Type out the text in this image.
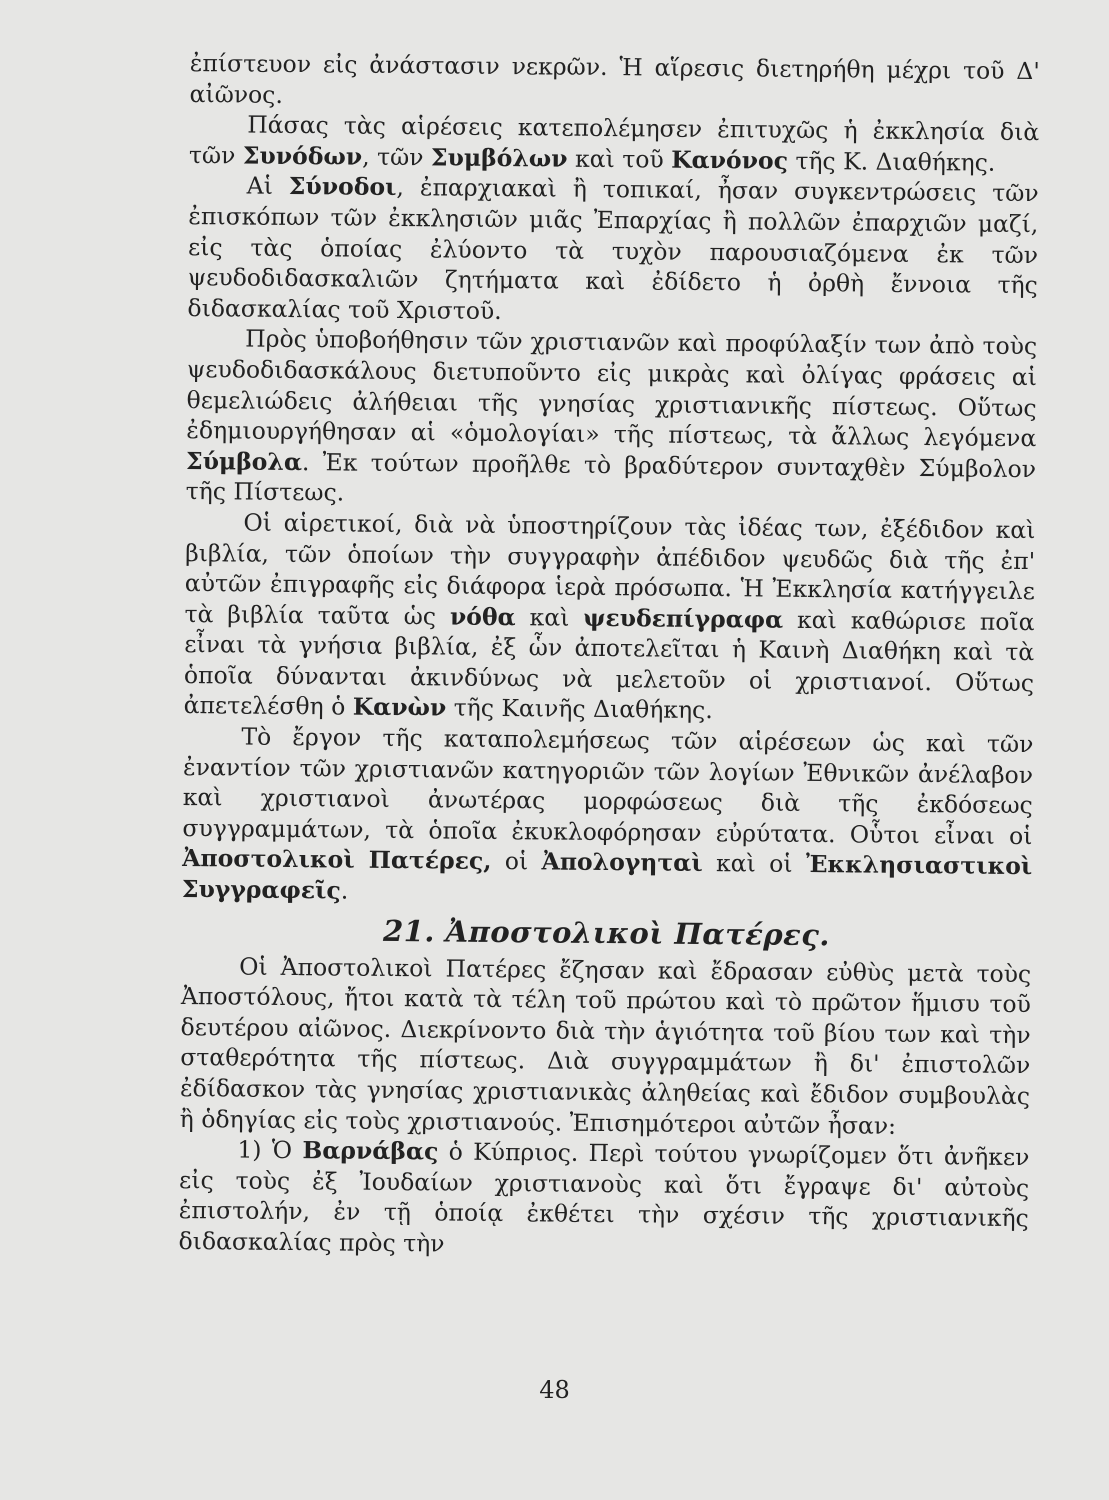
ἐπίστευον εἰς ἀνάστασιν νεκρῶν. Ἡ αἵρεσις διετηρήθη μέχρι τοῦ Δ' αἰῶνος.

Πάσας τὰς αἱρέσεις κατεπολέμησεν ἐπιτυχῶς ἡ ἐκκλησία διὰ τῶν Συνόδων, τῶν Συμβόλων καὶ τοῦ Κανόνος τῆς Κ. Διαθήκης.

Αἱ Σύνοδοι, ἐπαρχιακαὶ ἢ τοπικαί, ἦσαν συγκεντρώσεις τῶν ἐπισκόπων τῶν ἐκκλησιῶν μιᾶς Ἐπαρχίας ἢ πολλῶν ἐπαρχιῶν μαζί, εἰς τὰς ὁποίας ἐλύοντο τὰ τυχὸν παρουσιαζόμενα ἐκ τῶν ψευδοδιδασκαλιῶν ζητήματα καὶ ἐδίδετο ἡ ὀρθὴ ἔννοια τῆς διδασκαλίας τοῦ Χριστοῦ.

Πρὸς ὑποβοήθησιν τῶν χριστιανῶν καὶ προφύλαξίν των ἀπὸ τοὺς ψευδοδιδασκάλους διετυποῦντο εἰς μικρὰς καὶ ὀλίγας φράσεις αἱ θεμελιώδεις ἀλήθειαι τῆς γνησίας χριστιανικῆς πίστεως. Οὕτως ἐδημιουργήθησαν αἱ «ὁμολογίαι» τῆς πίστεως, τὰ ἄλλως λεγόμενα Σύμβολα. Ἐκ τούτων προῆλθε τὸ βραδύτερον συνταχθὲν Σύμβολον τῆς Πίστεως.

Οἱ αἱρετικοί, διὰ νὰ ὑποστηρίζουν τὰς ἰδέας των, ἐξέδιδον καὶ βιβλία, τῶν ὁποίων τὴν συγγραφὴν ἀπέδιδον ψευδῶς διὰ τῆς ἐπ' αὐτῶν ἐπιγραφῆς εἰς διάφορα ἱερὰ πρόσωπα. Ἡ Ἐκκλησία κατήγγειλε τὰ βιβλία ταῦτα ὡς νόθα καὶ ψευδεπίγραφα καὶ καθώρισε ποῖα εἶναι τὰ γνήσια βιβλία, ἐξ ὧν ἀποτελεῖται ἡ Καινὴ Διαθήκη καὶ τὰ ὁποῖα δύνανται ἀκινδύνως νὰ μελετοῦν οἱ χριστιανοί. Οὕτως ἀπετελέσθη ὁ Κανὼν τῆς Καινῆς Διαθήκης.

Τὸ ἔργον τῆς καταπολεμήσεως τῶν αἱρέσεων ὡς καὶ τῶν ἐναντίον τῶν χριστιανῶν κατηγοριῶν τῶν λογίων Ἐθνικῶν ἀνέλαβον καὶ χριστιανοὶ ἀνωτέρας μορφώσεως διὰ τῆς ἐκδόσεως συγγραμμάτων, τὰ ὁποῖα ἐκυκλοφόρησαν εὐρύτατα. Οὗτοι εἶναι οἱ Ἀποστολικοὶ Πατέρες, οἱ Ἀπολογηταὶ καὶ οἱ Ἐκκλησιαστικοὶ Συγγραφεῖς.

21. Ἀποστολικοὶ Πατέρες.

Οἱ Ἀποστολικοὶ Πατέρες ἔζησαν καὶ ἔδρασαν εὐθὺς μετὰ τοὺς Ἀποστόλους, ἤτοι κατὰ τὰ τέλη τοῦ πρώτου καὶ τὸ πρῶτον ἥμισυ τοῦ δευτέρου αἰῶνος. Διεκρίνοντο διὰ τὴν ἁγιότητα τοῦ βίου των καὶ τὴν σταθερότητα τῆς πίστεως. Διὰ συγγραμμάτων ἢ δι' ἐπιστολῶν ἐδίδασκον τὰς γνησίας χριστιανικὰς ἀληθείας καὶ ἔδιδον συμβουλὰς ἢ ὁδηγίας εἰς τοὺς χριστιανούς. Ἐπισημότεροι αὐτῶν ἦσαν:

1) Ὁ Βαρνάβας ὁ Κύπριος. Περὶ τούτου γνωρίζομεν ὅτι ἀνῆκεν εἰς τοὺς ἐξ Ἰουδαίων χριστιανοὺς καὶ ὅτι ἔγραψε δι' αὐτοὺς ἐπιστολήν, ἐν τῇ ὁποίᾳ ἐκθέτει τὴν σχέσιν τῆς χριστιανικῆς διδασκαλίας πρὸς τὴν

48
